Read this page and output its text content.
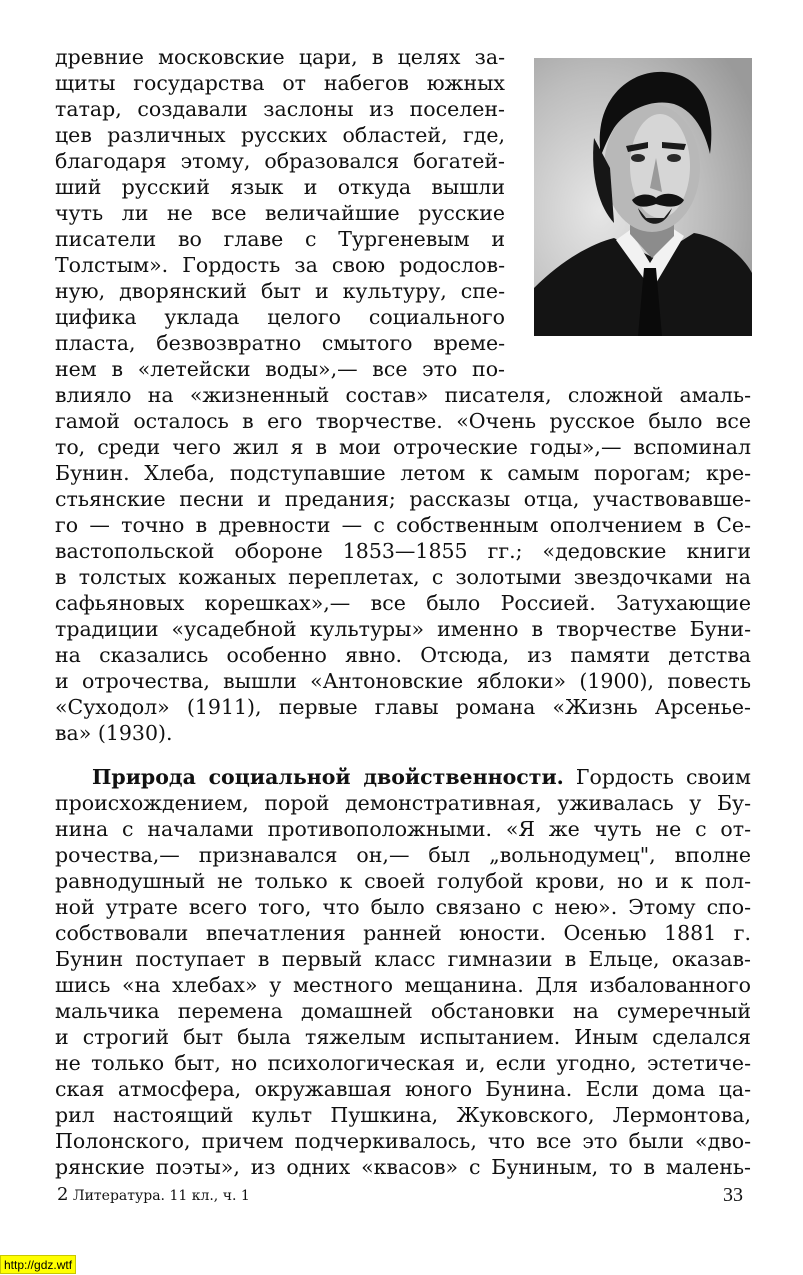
древние московские цари, в целях за-
щиты государства от набегов южных
татар, создавали заслоны из поселен-
цев различных русских областей, где,
благодаря этому, образовался богатей-
ший русский язык и откуда вышли
чуть ли не все величайшие русские
писатели во главе с Тургеневым и
Толстым». Гордость за свою родослов-
ную, дворянский быт и культуру, спе-
цифика уклада целого социального
пласта, безвозвратно смытого време-
нем в «летейски воды»,— все это по-
влияло на «жизненный состав» писателя, сложной амаль-
гамой осталось в его творчестве. «Очень русское было все
то, среди чего жил я в мои отроческие годы»,— вспоминал
Бунин. Хлеба, подступавшие летом к самым порогам; кре-
стьянские песни и предания; рассказы отца, участвовавше-
го — точно в древности — с собственным ополчением в Се-
вастопольской обороне 1853—1855 гг.; «дедовские книги
в толстых кожаных переплетах, с золотыми звездочками на
сафьяновых корешках»,— все было Россией. Затухающие
традиции «усадебной культуры» именно в творчестве Буни-
на сказались особенно явно. Отсюда, из памяти детства
и отрочества, вышли «Антоновские яблоки» (1900), повесть
«Суходол» (1911), первые главы романа «Жизнь Арсенье-
ва» (1930).
Природа социальной двойственности. Гордость своим
происхождением, порой демонстративная, уживалась у Бу-
нина с началами противоположными. «Я же чуть не с от-
рочества,— признавался он,— был „вольнодумец", вполне
равнодушный не только к своей голубой крови, но и к пол-
ной утрате всего того, что было связано с нею». Этому спо-
собствовали впечатления ранней юности. Осенью 1881 г.
Бунин поступает в первый класс гимназии в Ельце, оказав-
шись «на хлебах» у местного мещанина. Для избалованного
мальчика перемена домашней обстановки на сумеречный
и строгий быт была тяжелым испытанием. Иным сделался
не только быт, но психологическая и, если угодно, эстетиче-
ская атмосфера, окружавшая юного Бунина. Если дома ца-
рил настоящий культ Пушкина, Жуковского, Лермонтова,
Полонского, причем подчеркивалось, что все это были «дво-
рянские поэты», из одних «квасов» с Буниным, то в малень-
2 Литература. 11 кл., ч. 1	33
http://gdz.wtf
